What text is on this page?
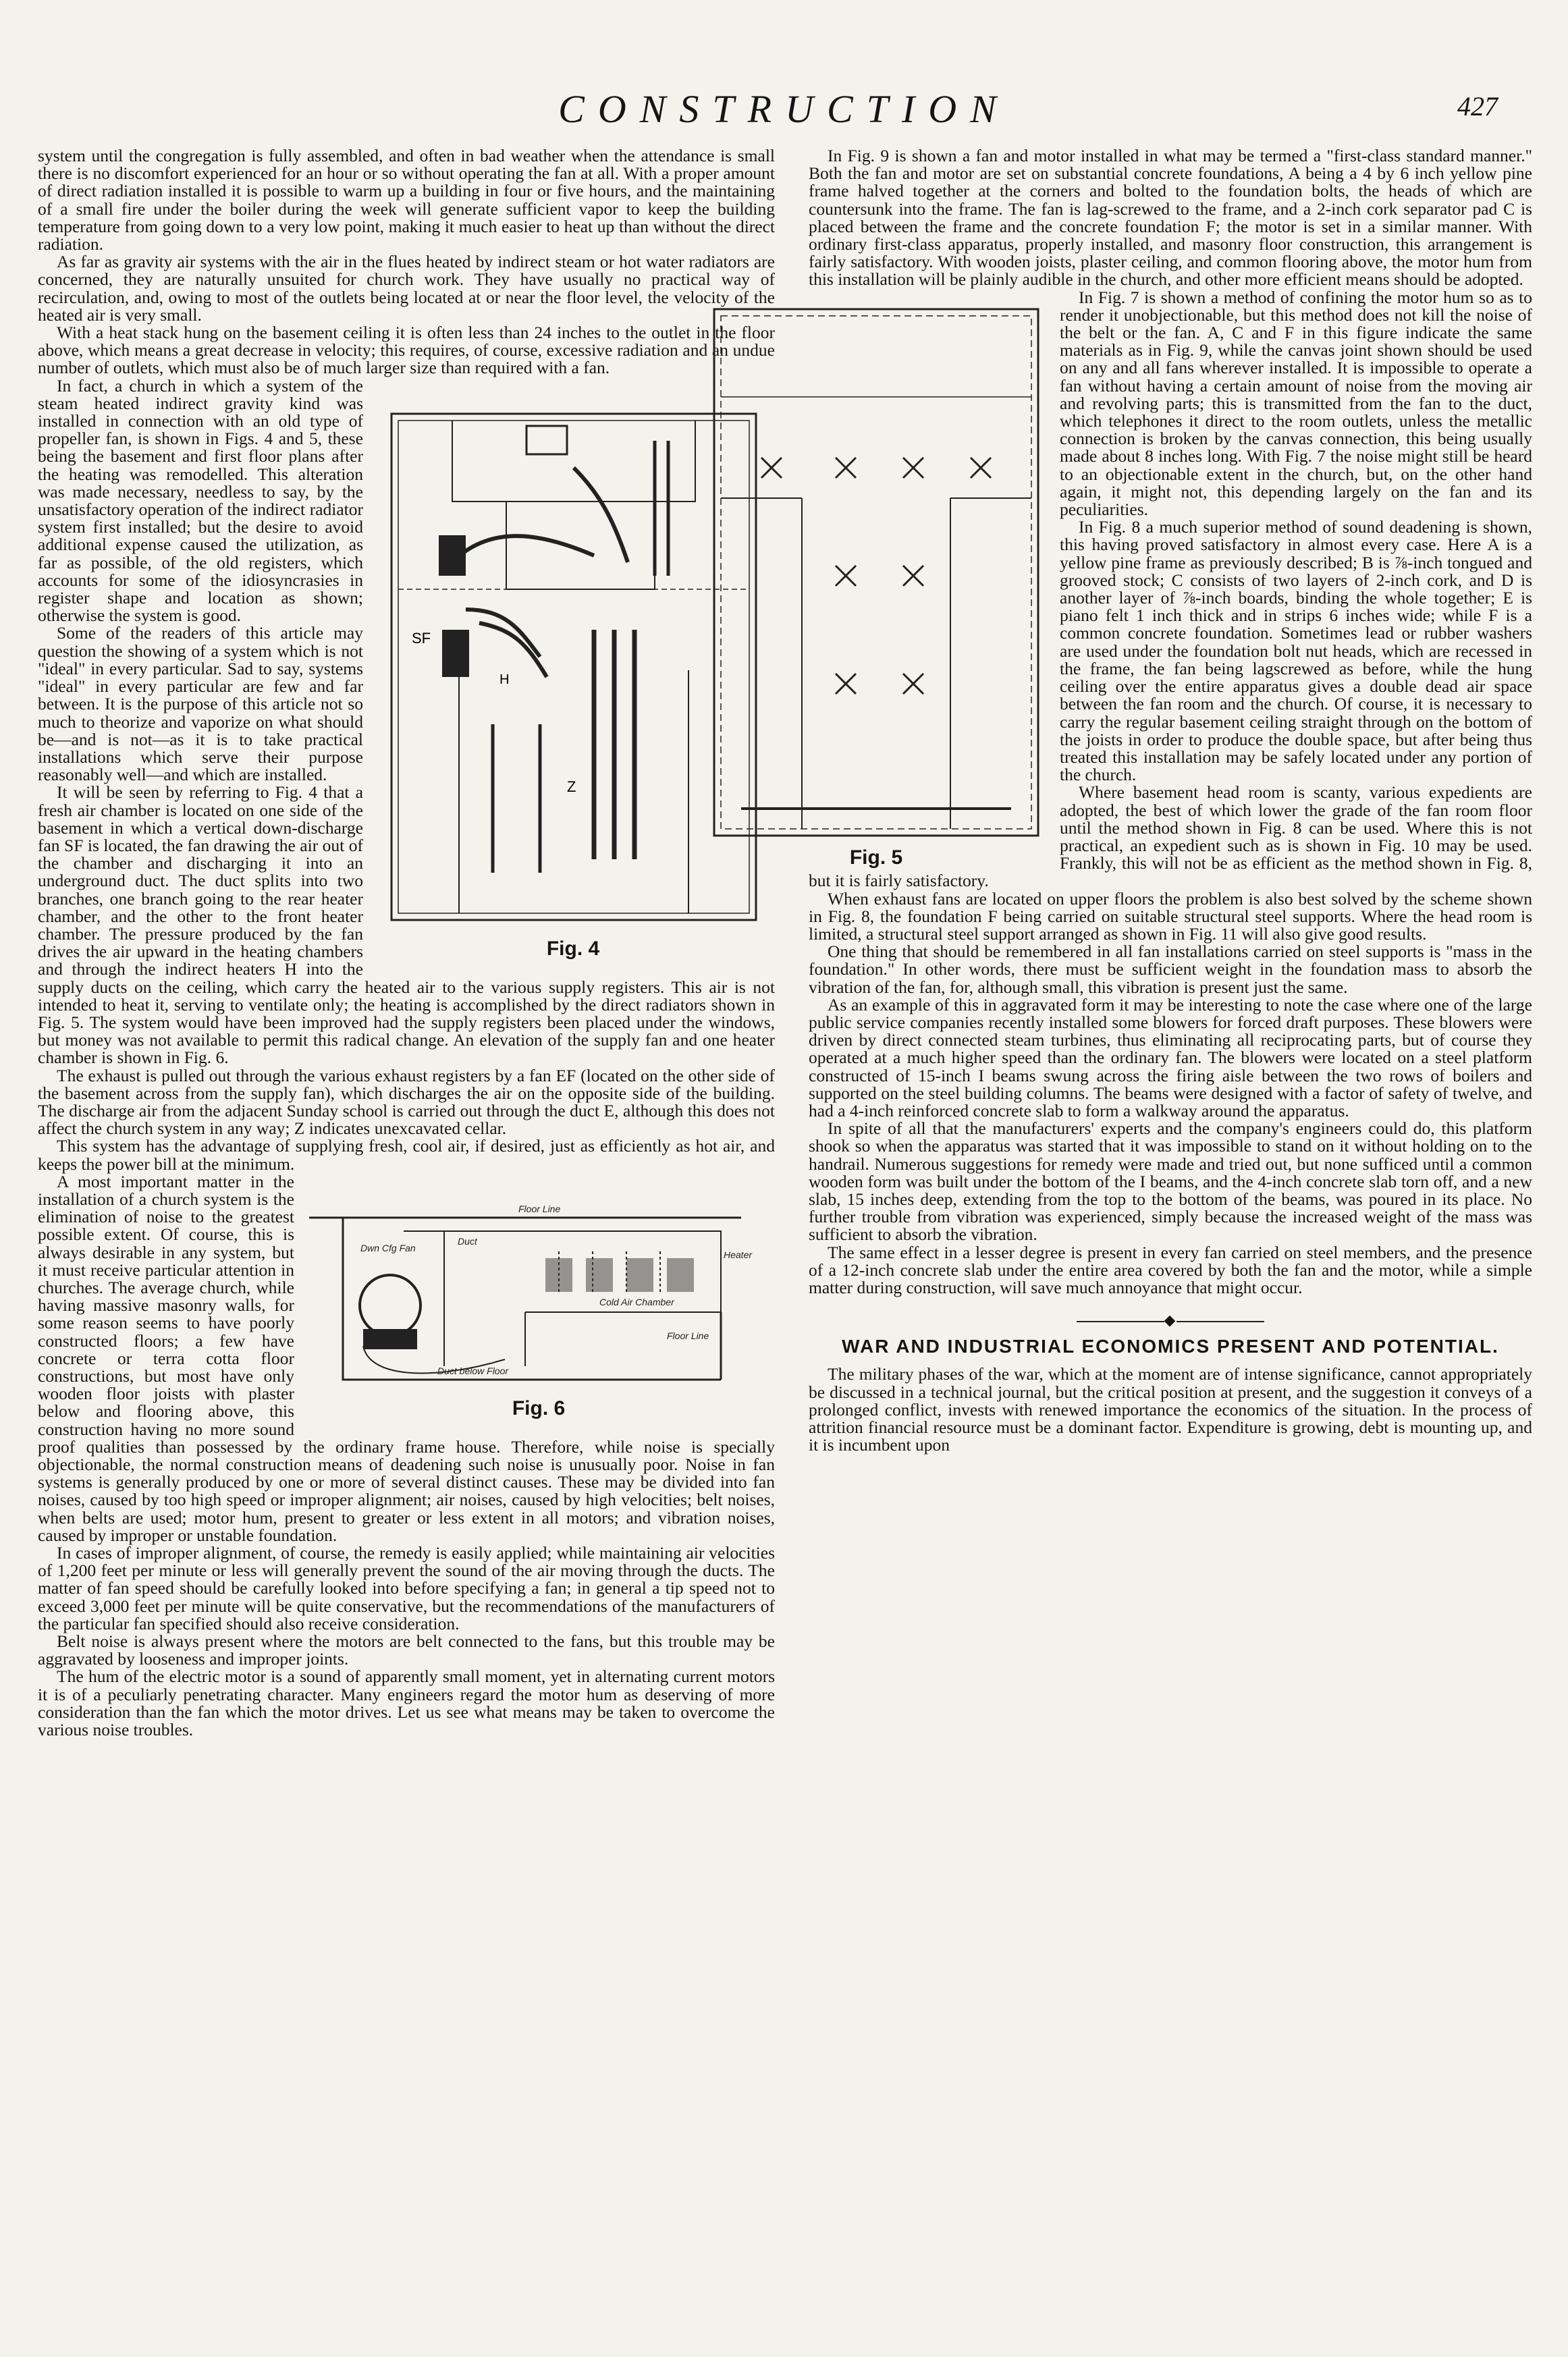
CONSTRUCTION	427

system until the congregation is fully assembled, and often in bad weather when the attendance is small there is no discomfort experienced for an hour or so without operating the fan at all. With a proper amount of direct radiation installed it is possible to warm up a building in four or five hours, and the maintaining of a small fire under the boiler during the week will generate sufficient vapor to keep the building temperature from going down to a very low point, making it much easier to heat up than without the direct radiation.

As far as gravity air systems with the air in the flues heated by indirect steam or hot water radiators are concerned, they are naturally unsuited for church work. They have usually no practical way of recirculation, and, owing to most of the outlets being located at or near the floor level, the velocity of the heated air is very small.

With a heat stack hung on the basement ceiling it is often less than 24 inches to the outlet in the floor above, which means a great decrease in velocity; this requires, of course, excessive radiation and an undue number of outlets, which must also be of much larger size than required with a fan.

SF
H
Z
Fig. 4

In fact, a church in which a system of the steam heated indirect gravity kind was installed in connection with an old type of propeller fan, is shown in Figs. 4 and 5, these being the basement and first floor plans after the heating was remodelled. This alteration was made necessary, needless to say, by the unsatisfactory operation of the indirect radiator system first installed; but the desire to avoid additional expense caused the utilization, as far as possible, of the old registers, which accounts for some of the idiosyncrasies in register shape and location as shown; otherwise the system is good.

Some of the readers of this article may question the showing of a system which is not "ideal" in every particular. Sad to say, systems "ideal" in every particular are few and far between. It is the purpose of this article not so much to theorize and vaporize on what should be—and is not—as it is to take practical installations which serve their purpose reasonably well—and which are installed.

It will be seen by referring to Fig. 4 that a fresh air chamber is located on one side of the basement in which a vertical down-discharge fan SF is located, the fan drawing the air out of the chamber and discharging it into an underground duct. The duct splits into two branches, one branch going to the rear heater chamber, and the other to the front heater chamber. The pressure produced by the fan drives the air upward in the heating chambers and through the indirect heaters H into the supply ducts on the ceiling, which carry the heated air to the various supply registers. This air is not intended to heat it, serving to ventilate only; the heating is accomplished by the direct radiators shown in Fig. 5. The system would have been improved had the supply registers been placed under the windows, but money was not available to permit this radical change. An elevation of the supply fan and one heater chamber is shown in Fig. 6.

The exhaust is pulled out through the various exhaust registers by a fan EF (located on the other side of the basement across from the supply fan), which discharges the air on the opposite side of the building. The discharge air from the adjacent Sunday school is carried out through the duct E, although this does not affect the church system in any way; Z indicates unexcavated cellar.

This system has the advantage of supplying fresh, cool air, if desired, just as efficiently as hot air, and keeps the power bill at the minimum.

Floor Line
Duct
Dwn Cfg Fan
Cold Air Chamber
Floor Line
Duct below Floor
Heater
Fig. 6

A most important matter in the installation of a church system is the elimination of noise to the greatest possible extent. Of course, this is always desirable in any system, but it must receive particular attention in churches. The average church, while having massive masonry walls, for some reason seems to have poorly constructed floors; a few have concrete or terra cotta floor constructions, but most have only wooden floor joists with plaster below and flooring above, this construction having no more sound proof qualities than possessed by the ordinary frame house. Therefore, while noise is specially objectionable, the normal construction means of deadening such noise is unusually poor. Noise in fan systems is generally produced by one or more of several distinct causes. These may be divided into fan noises, caused by too high speed or improper alignment; air noises, caused by high velocities; belt noises, when belts are used; motor hum, present to greater or less extent in all motors; and vibration noises, caused by improper or unstable foundation.

In cases of improper alignment, of course, the remedy is easily applied; while maintaining air velocities of 1,200 feet per minute or less will generally prevent the sound of the air moving through the ducts. The matter of fan speed should be carefully looked into before specifying a fan; in general a tip speed not to exceed 3,000 feet per minute will be quite conservative, but the recommendations of the manufacturers of the particular fan specified should also receive consideration.

Belt noise is always present where the motors are belt connected to the fans, but this trouble may be aggravated by looseness and improper joints.

The hum of the electric motor is a sound of apparently small moment, yet in alternating current motors it is of a peculiarly penetrating character. Many engineers regard the motor hum as deserving of more consideration than the fan which the motor drives. Let us see what means may be taken to overcome the various noise troubles.

In Fig. 9 is shown a fan and motor installed in what may be termed a "first-class standard manner." Both the fan and motor are set on substantial concrete foundations, A being a 4 by 6 inch yellow pine frame halved together at the corners and bolted to the foundation bolts, the heads of which are countersunk into the frame. The fan is lag-screwed to the frame, and a 2-inch cork separator pad C is placed between the frame and the concrete foundation F; the motor is set in a similar manner. With ordinary first-class apparatus, properly installed, and masonry floor construction, this arrangement is fairly satisfactory. With wooden joists, plaster ceiling, and common flooring above, the motor hum from this installation will be plainly audible in the church, and other more efficient means should be adopted.

Fig. 5

In Fig. 7 is shown a method of confining the motor hum so as to render it unobjectionable, but this method does not kill the noise of the belt or the fan. A, C and F in this figure indicate the same materials as in Fig. 9, while the canvas joint shown should be used on any and all fans wherever installed. It is impossible to operate a fan without having a certain amount of noise from the moving air and revolving parts; this is transmitted from the fan to the duct, which telephones it direct to the room outlets, unless the metallic connection is broken by the canvas connection, this being usually made about 8 inches long. With Fig. 7 the noise might still be heard to an objectionable extent in the church, but, on the other hand again, it might not, this depending largely on the fan and its peculiarities.

In Fig. 8 a much superior method of sound deadening is shown, this having proved satisfactory in almost every case. Here A is a yellow pine frame as previously described; B is ⅞-inch tongued and grooved stock; C consists of two layers of 2-inch cork, and D is another layer of ⅞-inch boards, binding the whole together; E is piano felt 1 inch thick and in strips 6 inches wide; while F is a common concrete foundation. Sometimes lead or rubber washers are used under the foundation bolt nut heads, which are recessed in the frame, the fan being lagscrewed as before, while the hung ceiling over the entire apparatus gives a double dead air space between the fan room and the church. Of course, it is necessary to carry the regular basement ceiling straight through on the bottom of the joists in order to produce the double space, but after being thus treated this installation may be safely located under any portion of the church.

Where basement head room is scanty, various expedients are adopted, the best of which lower the grade of the fan room floor until the method shown in Fig. 8 can be used. Where this is not practical, an expedient such as is shown in Fig. 10 may be used. Frankly, this will not be as efficient as the method shown in Fig. 8, but it is fairly satisfactory.

When exhaust fans are located on upper floors the problem is also best solved by the scheme shown in Fig. 8, the foundation F being carried on suitable structural steel supports. Where the head room is limited, a structural steel support arranged as shown in Fig. 11 will also give good results.

One thing that should be remembered in all fan installations carried on steel supports is "mass in the foundation." In other words, there must be sufficient weight in the foundation mass to absorb the vibration of the fan, for, although small, this vibration is present just the same.

As an example of this in aggravated form it may be interesting to note the case where one of the large public service companies recently installed some blowers for forced draft purposes. These blowers were driven by direct connected steam turbines, thus eliminating all reciprocating parts, but of course they operated at a much higher speed than the ordinary fan. The blowers were located on a steel platform constructed of 15-inch I beams swung across the firing aisle between the two rows of boilers and supported on the steel building columns. The beams were designed with a factor of safety of twelve, and had a 4-inch reinforced concrete slab to form a walkway around the apparatus.

In spite of all that the manufacturers' experts and the company's engineers could do, this platform shook so when the apparatus was started that it was impossible to stand on it without holding on to the handrail. Numerous suggestions for remedy were made and tried out, but none sufficed until a common wooden form was built under the bottom of the I beams, and the 4-inch concrete slab torn off, and a new slab, 15 inches deep, extending from the top to the bottom of the beams, was poured in its place. No further trouble from vibration was experienced, simply because the increased weight of the mass was sufficient to absorb the vibration.

The same effect in a lesser degree is present in every fan carried on steel members, and the presence of a 12-inch concrete slab under the entire area covered by both the fan and the motor, while a simple matter during construction, will save much annoyance that might occur.

◆
WAR AND INDUSTRIAL ECONOMICS PRESENT AND POTENTIAL.

The military phases of the war, which at the moment are of intense significance, cannot appropriately be discussed in a technical journal, but the critical position at present, and the suggestion it conveys of a prolonged conflict, invests with renewed importance the economics of the situation. In the process of attrition financial resource must be a dominant factor. Expenditure is growing, debt is mounting up, and it is incumbent upon
